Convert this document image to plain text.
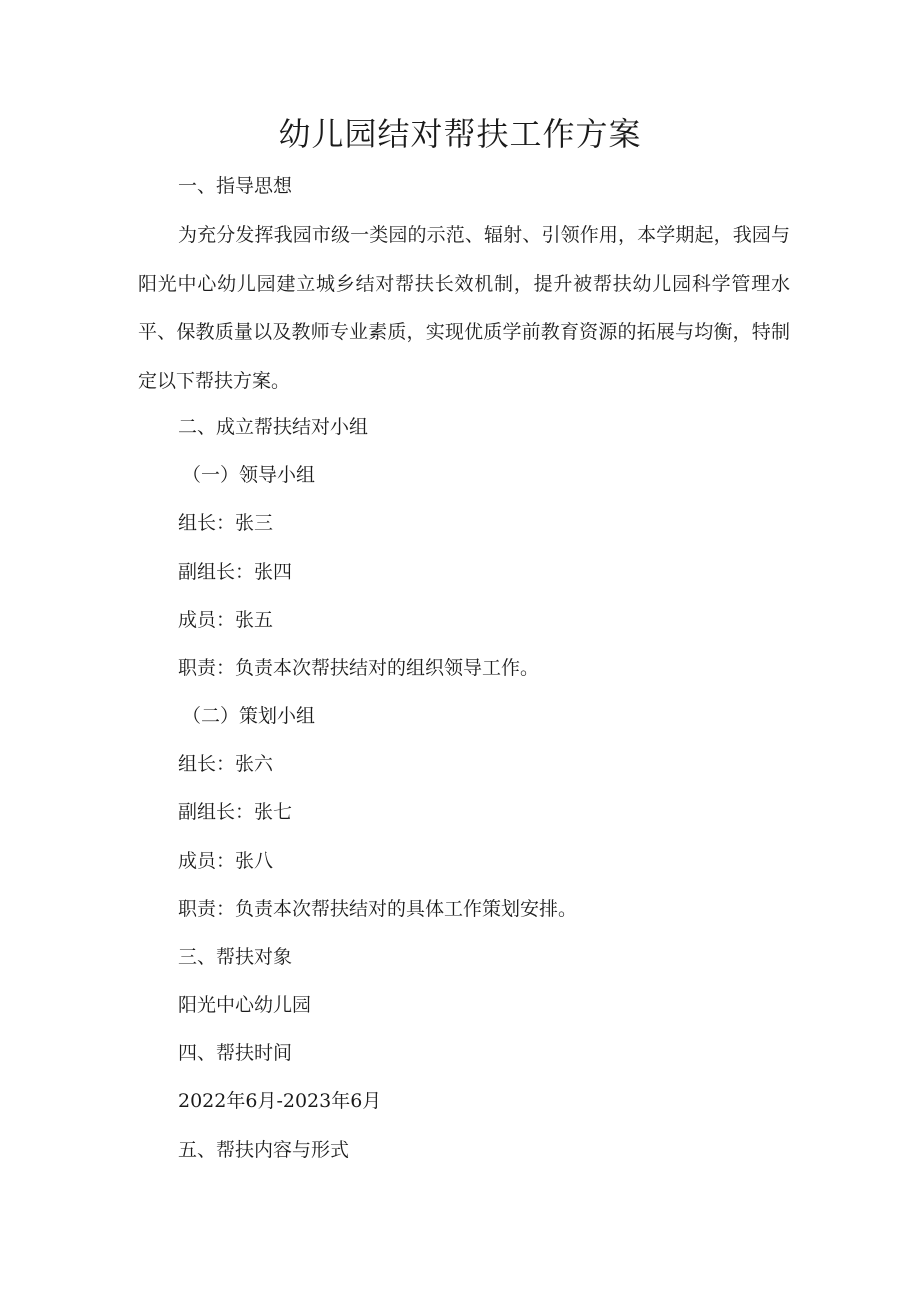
幼儿园结对帮扶工作方案

一、指导思想

为充分发挥我园市级一类园的示范、辐射、引领作用，本学期起，我园与阳光中心幼儿园建立城乡结对帮扶长效机制，提升被帮扶幼儿园科学管理水平、保教质量以及教师专业素质，实现优质学前教育资源的拓展与均衡，特制定以下帮扶方案。

二、成立帮扶结对小组

（一）领导小组

组长：张三

副组长：张四

成员：张五

职责：负责本次帮扶结对的组织领导工作。

（二）策划小组

组长：张六

副组长：张七

成员：张八

职责：负责本次帮扶结对的具体工作策划安排。

三、帮扶对象

阳光中心幼儿园

四、帮扶时间

2022年6月-2023年6月

五、帮扶内容与形式
